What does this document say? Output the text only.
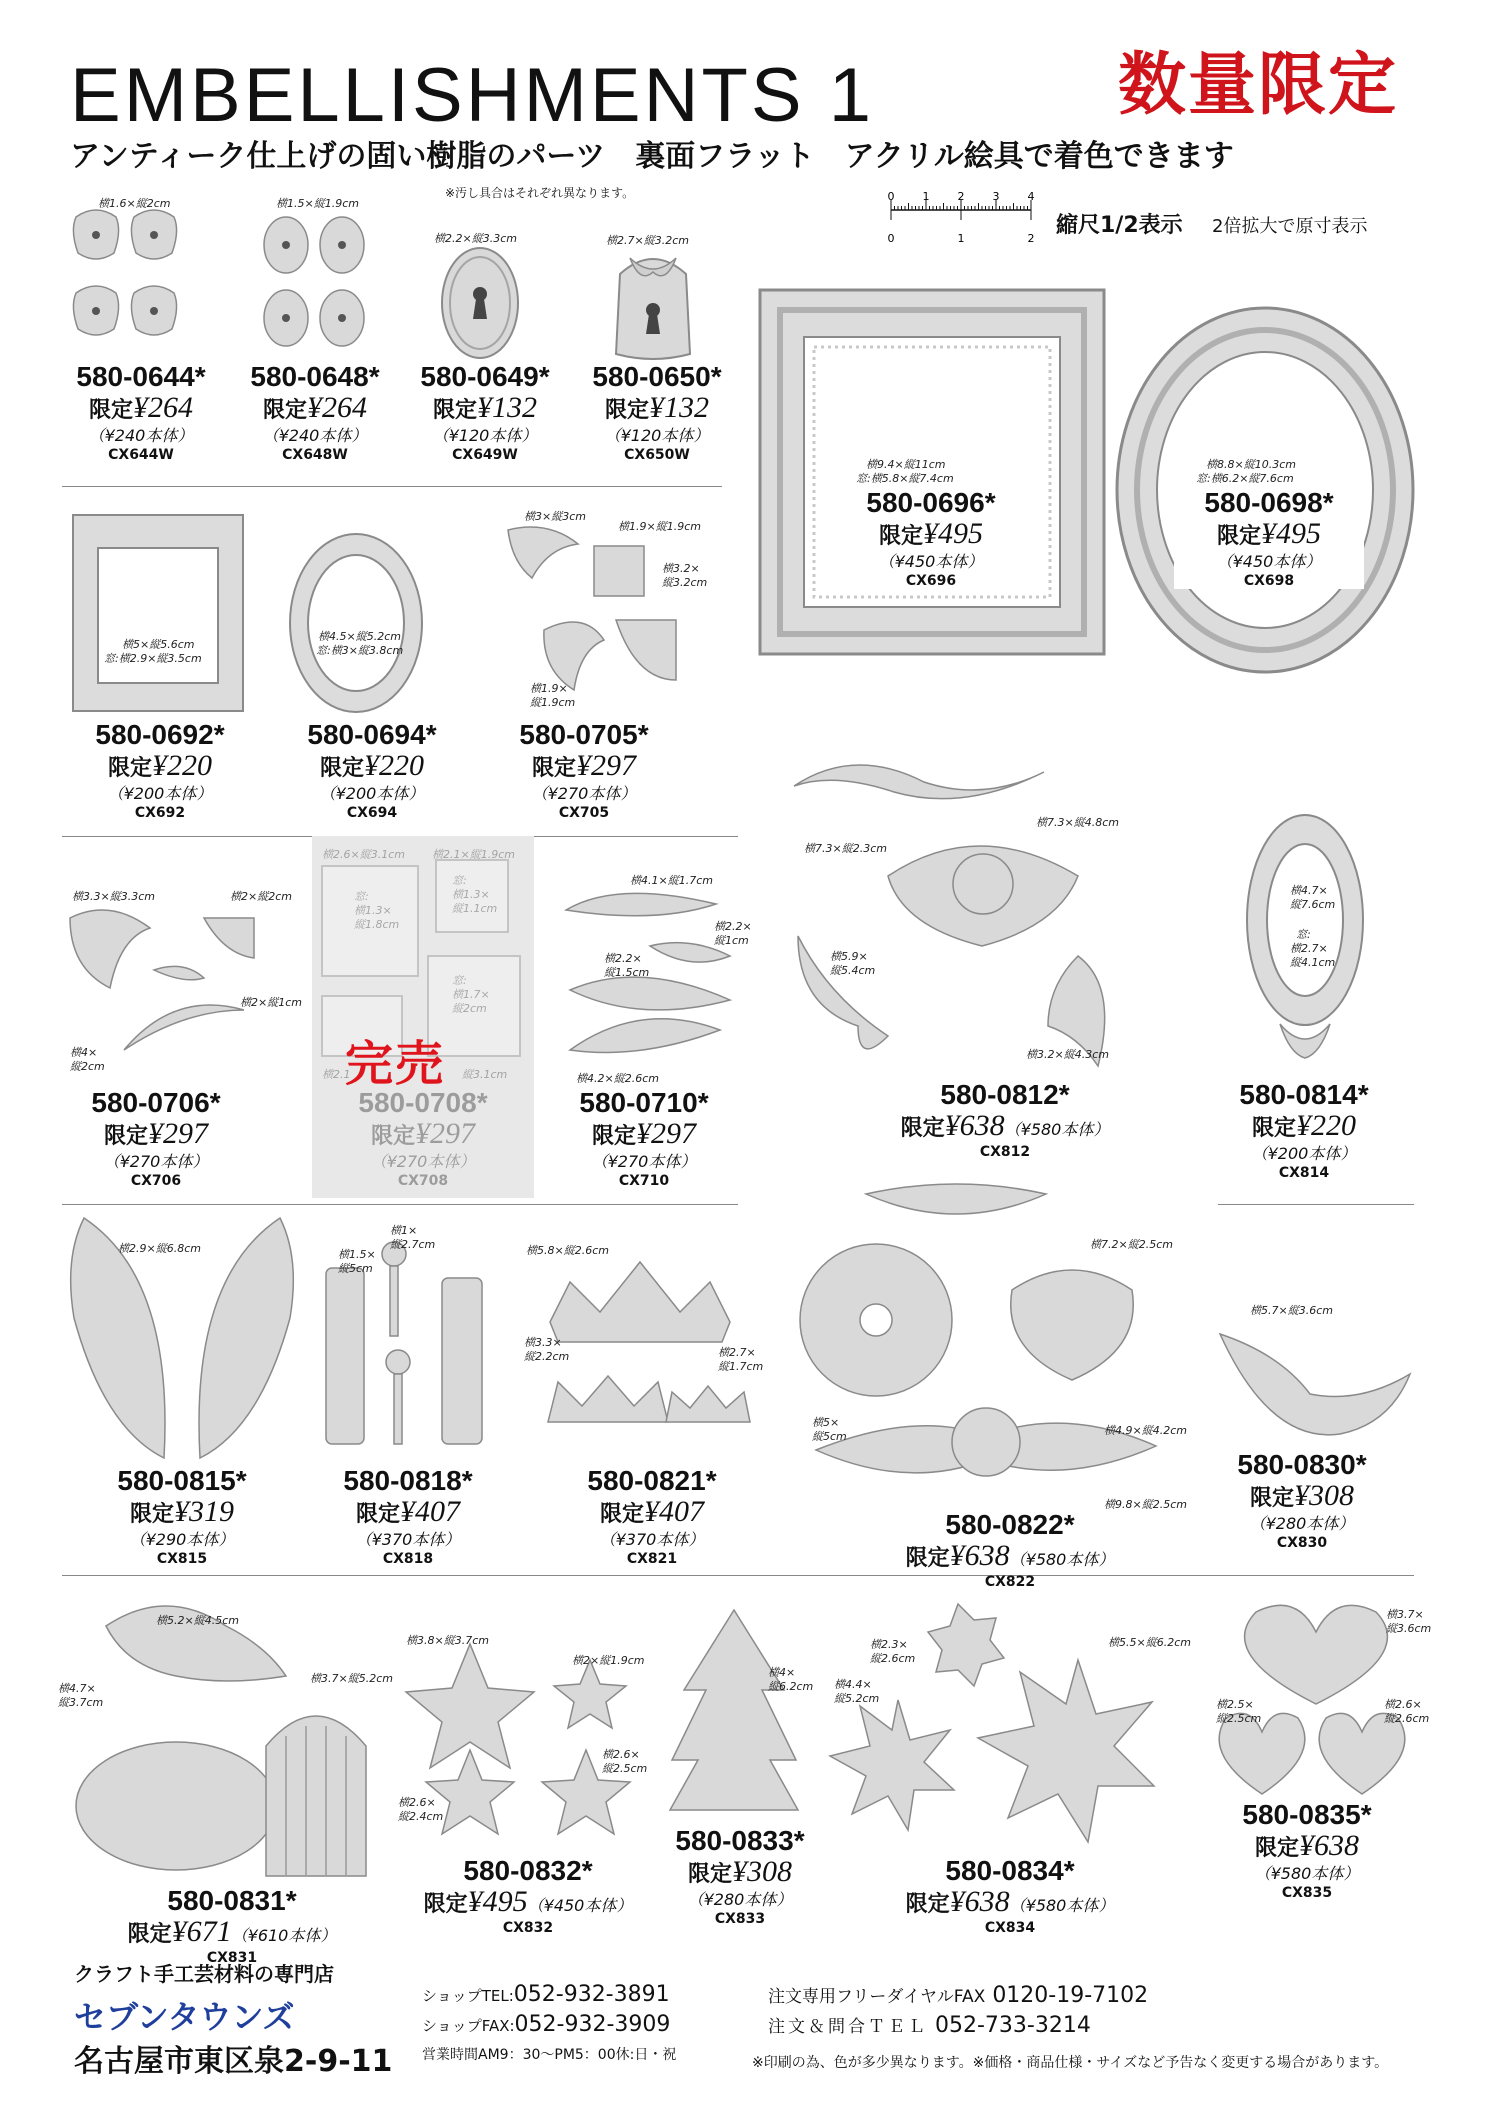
EMBELLISHMENTS 1	数量限定
アンティーク仕上げの固い樹脂のパーツ　裏面フラット　アクリル絵具で着色できます
※汚し具合はそれぞれ異なります。	0	1	2	3	4
0	1	2
縮尺1/2表示 2倍拡大で原寸表示
完売
横1.6×縦2cm	横1.5×縦1.9cm
横2.2×縦3.3cm	横2.7×縦3.2cm
横9.4×縦11cm
窓:横5.8×縦7.4cm
横8.8×縦10.3cm
窓:横6.2×縦7.6cm
横5×縦5.6cm
窓:横2.9×縦3.5cm
横4.5×縦5.2cm
窓:横3×縦3.8cm
横3×縦3cm
横1.9×縦1.9cm
横3.2×
縦3.2cm
横1.9×
縦1.9cm
横3.3×縦3.3cm	横2×縦2cm
横2×縦1cm
横4×
縦2cm
横2.6×縦3.1cm 横2.1×縦1.9cm
窓:
横1.3×
縦1.8cm
窓:
横1.3×
縦1.1cm
窓:
横1.7×
縦2cm
横2.1	縦3.1cm
横4.1×縦1.7cm
横2.2×
縦1cm
横2.2×
縦1.5cm
横4.2×縦2.6cm
横7.3×縦2.3cm
横7.3×縦4.8cm
横5.9×
縦5.4cm
横3.2×縦4.3cm
横4.7×
縦7.6cm
窓:
横2.7×
縦4.1cm
横2.9×縦6.8cm
横1×
縦2.7cm
横1.5×
縦5cm
横5.8×縦2.6cm
横3.3×
縦2.2cm	横2.7×
縦1.7cm
横7.2×縦2.5cm
横5×
縦5cm	横4.9×縦4.2cm
横9.8×縦2.5cm
横5.7×縦3.6cm
横5.2×縦4.5cm
横4.7×
縦3.7cm
横3.7×縦5.2cm
横3.8×縦3.7cm
横2×縦1.9cm
横2.6×
縦2.5cm
横2.6×
縦2.4cm
横4×
縦6.2cm
横2.3×
縦2.6cm
横4.4×
縦5.2cm
横5.5×縦6.2cm
横3.7×
縦3.6cm
横2.5×
縦2.5cm
横2.6×
縦2.6cm
580-0644*
限定¥264
（¥240本体）
CX644W
580-0648*
限定¥264
（¥240本体）
CX648W
580-0649*
限定¥132
（¥120本体）
CX649W
580-0650*
限定¥132
（¥120本体）
CX650W
580-0696*
限定¥495
（¥450本体）
CX696
580-0698*
限定¥495
（¥450本体）
CX698
580-0692*
限定¥220
（¥200本体）
CX692
580-0694*
限定¥220
（¥200本体）
CX694
580-0705*
限定¥297
（¥270本体）
CX705
580-0706*
限定¥297
（¥270本体）
CX706
580-0708*
限定¥297
（¥270本体）
CX708
580-0710*
限定¥297
（¥270本体）
CX710
580-0812*
限定¥638（¥580本体）
CX812
580-0814*
限定¥220
（¥200本体）
CX814
580-0815*
限定¥319
（¥290本体）
CX815
580-0818*
限定¥407
（¥370本体）
CX818
580-0821*
限定¥407
（¥370本体）
CX821
580-0822*
限定¥638（¥580本体）
CX822
580-0830*
限定¥308
（¥280本体）
CX830
580-0831*
限定¥671（¥610本体）
CX831
580-0832*
限定¥495（¥450本体）
CX832
580-0833*
限定¥308
（¥280本体）
CX833
580-0834*
限定¥638（¥580本体）
CX834
580-0835*
限定¥638
（¥580本体）
CX835
クラフト手工芸材料の専門店
セブンタウンズ
名古屋市東区泉2-9-11
ショップTEL:052-932-3891
ショップFAX:052-932-3909
営業時間AM9：30〜PM5：00休:日・祝
注文専用フリーダイヤルFAX 0120-19-7102
注文＆問合ＴＥＬ 052-733-3214
※印刷の為、色が多少異なります。※価格・商品仕様・サイズなど予告なく変更する場合があります。
